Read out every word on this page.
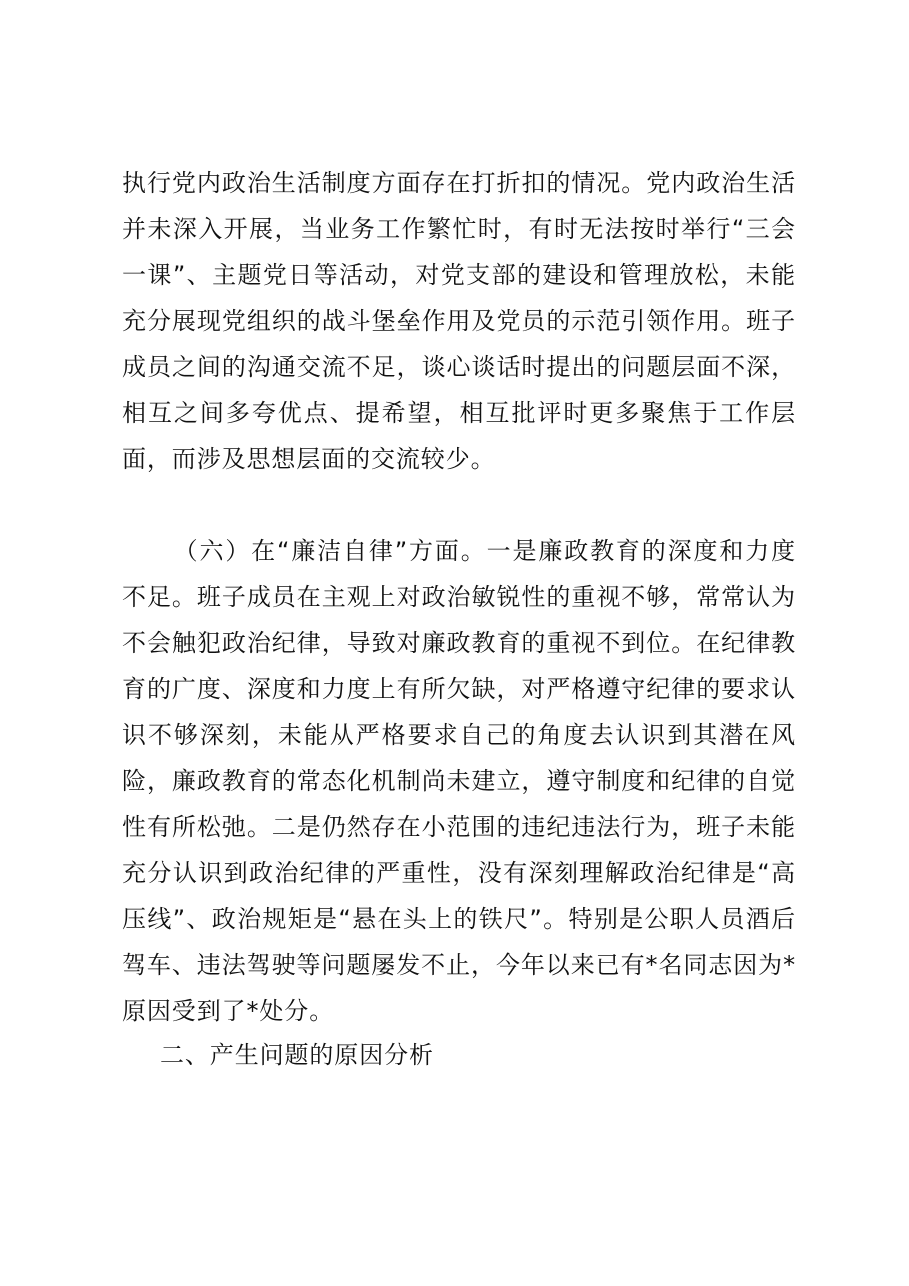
执行党内政治生活制度方面存在打折扣的情况。党内政治生活并未深入开展，当业务工作繁忙时，有时无法按时举行“三会一课”、主题党日等活动，对党支部的建设和管理放松，未能充分展现党组织的战斗堡垒作用及党员的示范引领作用。班子成员之间的沟通交流不足，谈心谈话时提出的问题层面不深，相互之间多夸优点、提希望，相互批评时更多聚焦于工作层面，而涉及思想层面的交流较少。
（六）在“廉洁自律”方面。一是廉政教育的深度和力度不足。班子成员在主观上对政治敏锐性的重视不够，常常认为不会触犯政治纪律，导致对廉政教育的重视不到位。在纪律教育的广度、深度和力度上有所欠缺，对严格遵守纪律的要求认识不够深刻，未能从严格要求自己的角度去认识到其潜在风险，廉政教育的常态化机制尚未建立，遵守制度和纪律的自觉性有所松弛。二是仍然存在小范围的违纪违法行为，班子未能充分认识到政治纪律的严重性，没有深刻理解政治纪律是“高压线”、政治规矩是“悬在头上的铁尺”。特别是公职人员酒后驾车、违法驾驶等问题屡发不止，今年以来已有*名同志因为*原因受到了*处分。
二、产生问题的原因分析
